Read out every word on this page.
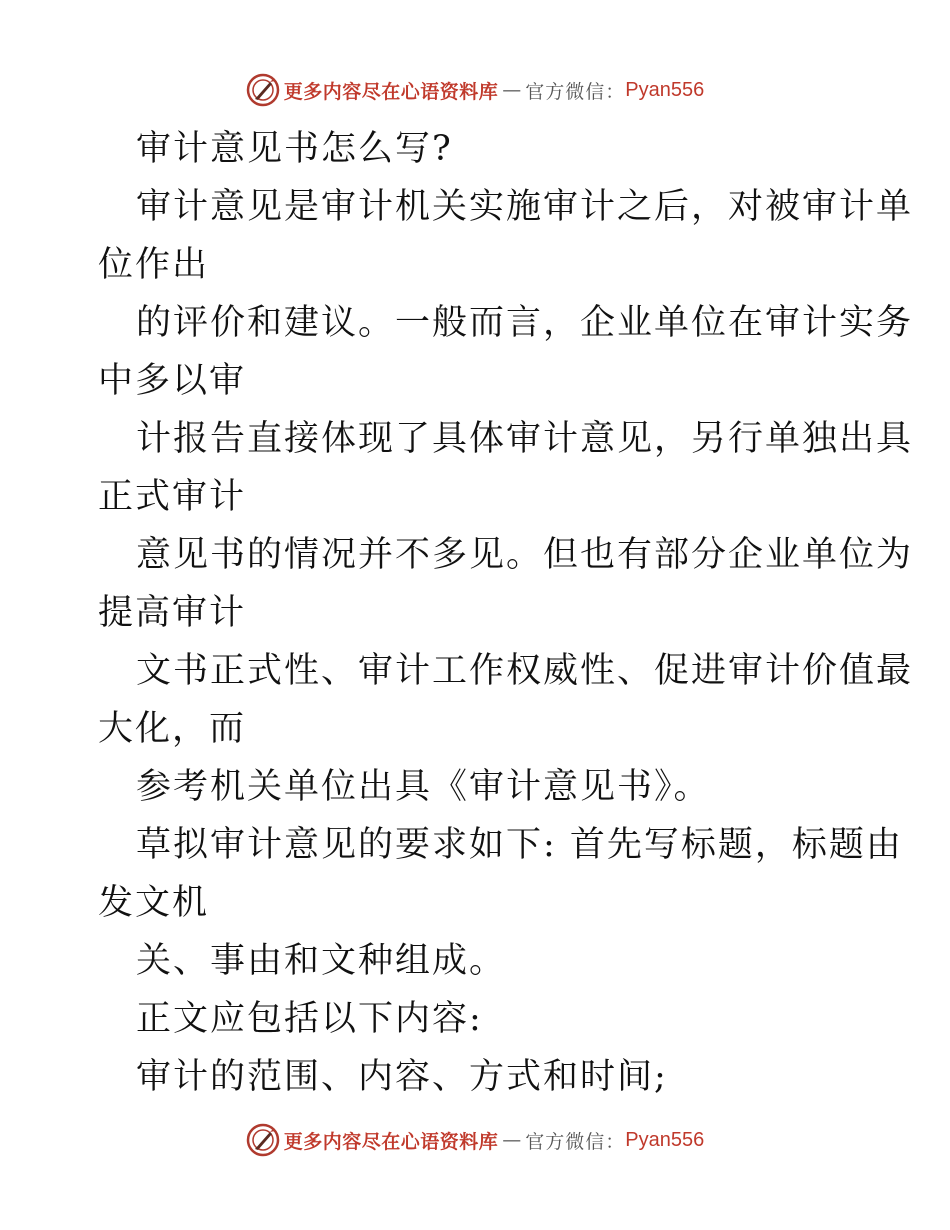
更多内容尽在心语资料库 — 官方微信： Pyan556
审计意见书怎么写?
审计意见是审计机关实施审计之后，对被审计单
位作出
的评价和建议。一般而言，企业单位在审计实务
中多以审
计报告直接体现了具体审计意见，另行单独出具
正式审计
意见书的情况并不多见。但也有部分企业单位为
提高审计
文书正式性、审计工作权威性、促进审计价值最
大化，而
参考机关单位出具《审计意见书》。
草拟审计意见的要求如下: 首先写标题，标题由
发文机
关、事由和文种组成。
正文应包括以下内容:
审计的范围、内容、方式和时间;
更多内容尽在心语资料库 — 官方微信： Pyan556
